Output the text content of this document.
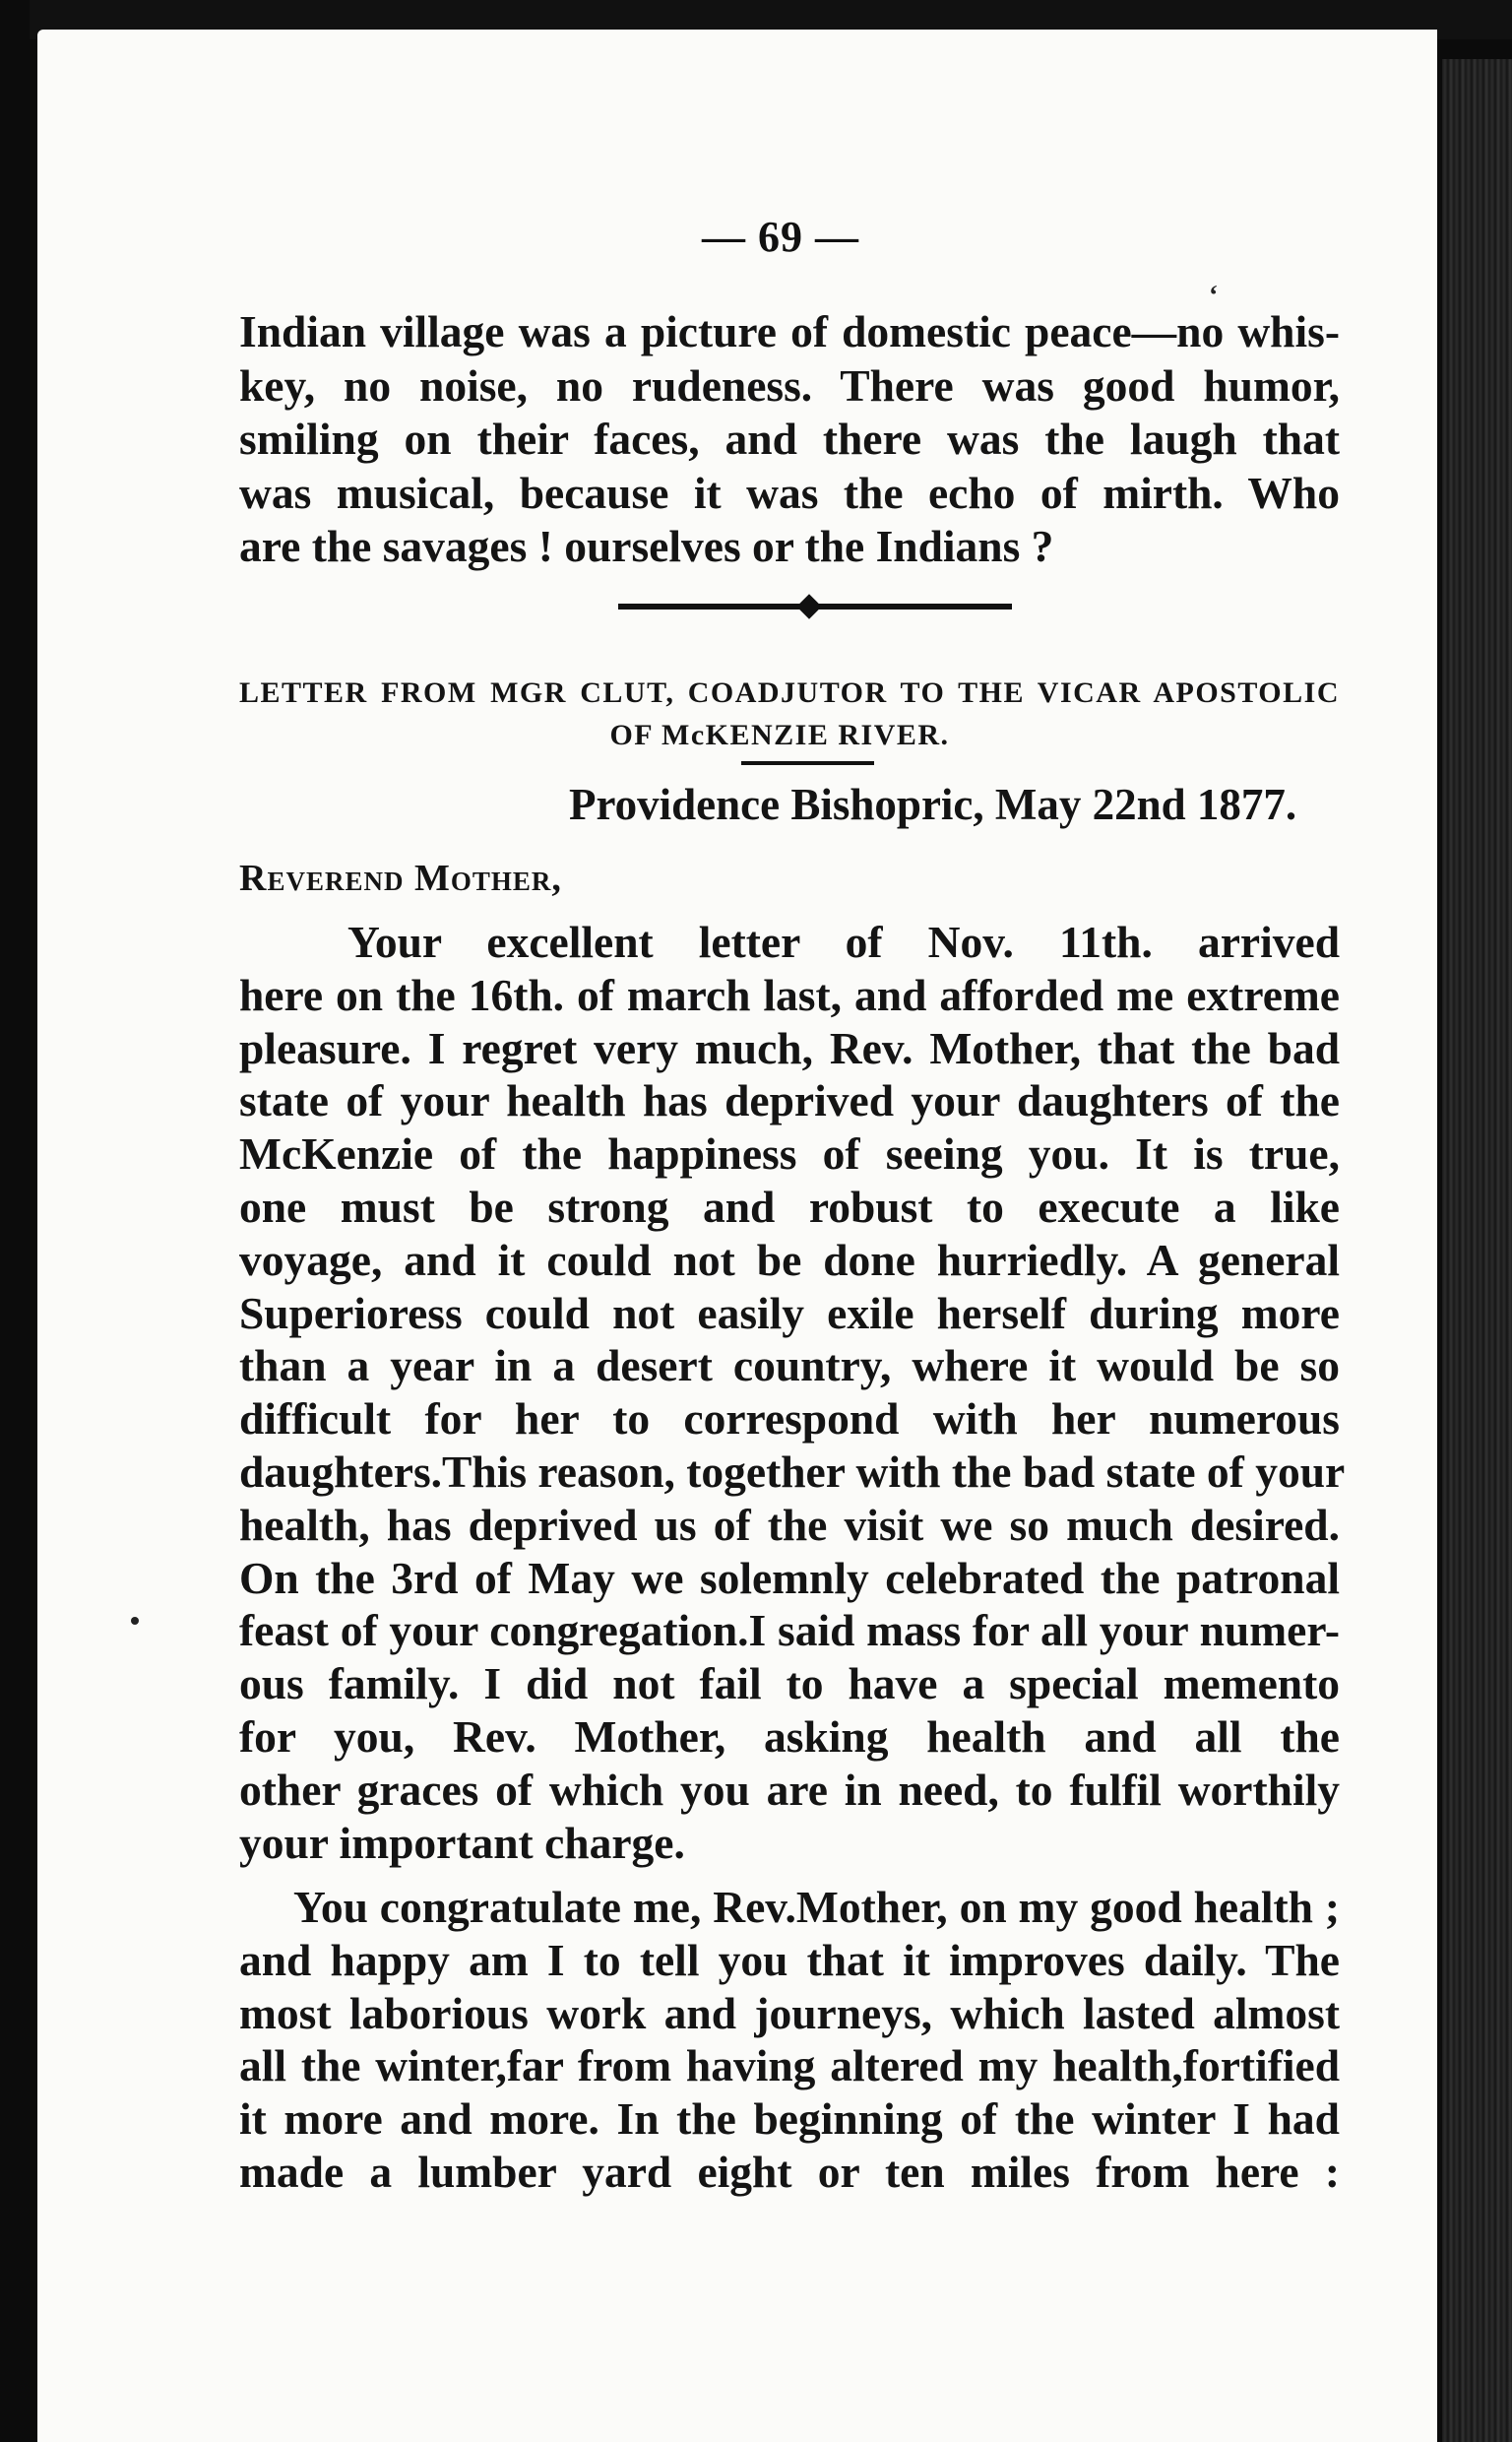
— 69 —
‘
Indian village was a picture of domestic peace—no whis-
key, no noise, no rudeness. There was good humor,
smiling on their faces, and there was the laugh that
was musical, because it was the echo of mirth. Who
are the savages ! ourselves or the Indians ?
LETTER FROM MGR CLUT, COADJUTOR TO THE VICAR APOSTOLIC
OF McKENZIE RIVER.
Providence Bishopric, May 22nd 1877.
Reverend Mother,
Your excellent letter of Nov. 11th. arrived
here on the 16th. of march last, and afforded me extreme
pleasure. I regret very much, Rev. Mother, that the bad
state of your health has deprived your daughters of the
McKenzie of the happiness of seeing you. It is true,
one must be strong and robust to execute a like
voyage, and it could not be done hurriedly. A general
Superioress could not easily exile herself during more
than a year in a desert country, where it would be so
difficult for her to correspond with her numerous
daughters.This reason, together with the bad state of your
health, has deprived us of the visit we so much desired.
On the 3rd of May we solemnly celebrated the patronal
feast of your congregation.I said mass for all your numer-
ous family. I did not fail to have a special memento
for you, Rev. Mother, asking health and all the
other graces of which you are in need, to fulfil worthily
your important charge.
You congratulate me, Rev.Mother, on my good health ;
and happy am I to tell you that it improves daily. The
most laborious work and journeys, which lasted almost
all the winter,far from having altered my health,fortified
it more and more. In the beginning of the winter I had
made a lumber yard eight or ten miles from here :
